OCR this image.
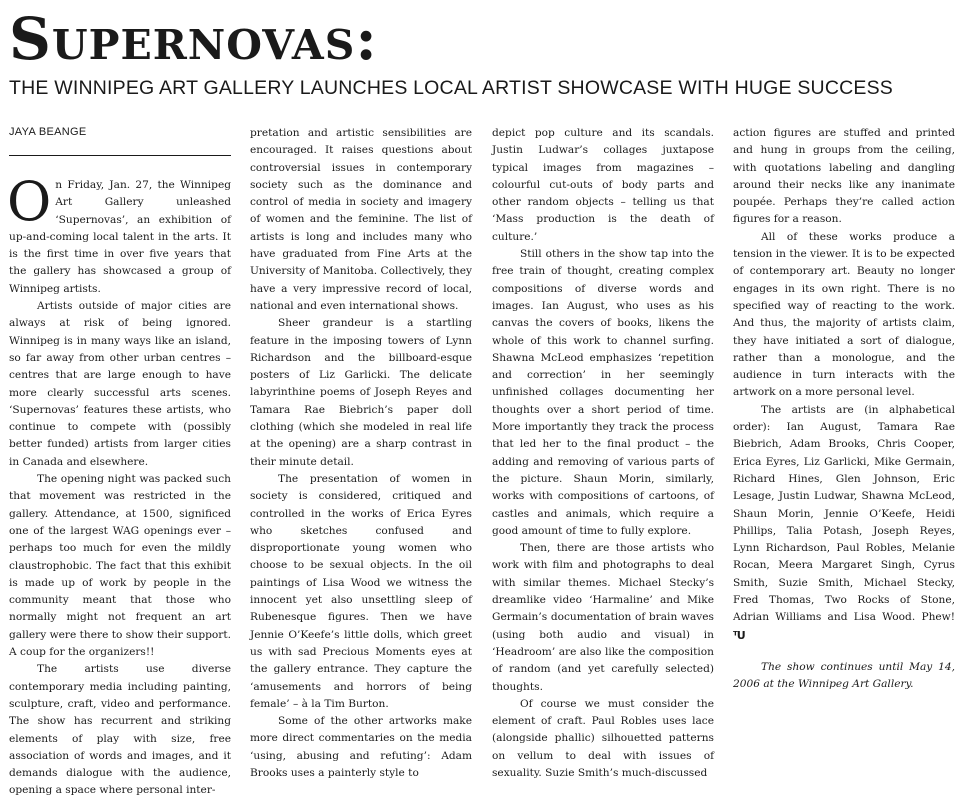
Supernovas:
THE WINNIPEG ART GALLERY LAUNCHES LOCAL ARTIST SHOWCASE WITH HUGE SUCCESS
JAYA BEANGE

On Friday, Jan. 27, the Winnipeg Art Gallery unleashed ‘Supernovas’, an exhibition of up-and-coming local talent in the arts. It is the first time in over five years that the gallery has showcased a group of Winnipeg artists.

Artists outside of major cities are always at risk of being ignored. Winnipeg is in many ways like an island, so far away from other urban centres – centres that are large enough to have more clearly successful arts scenes. ‘Supernovas’ features these artists, who continue to compete with (possibly better funded) artists from larger cities in Canada and elsewhere.

The opening night was packed such that movement was restricted in the gallery. Attendance, at 1500, significed one of the largest WAG openings ever – perhaps too much for even the mildly claustrophobic. The fact that this exhibit is made up of work by people in the community meant that those who normally might not frequent an art gallery were there to show their support. A coup for the organizers!!

The artists use diverse contemporary media including painting, sculpture, craft, video and performance. The show has recurrent and striking elements of play with size, free association of words and images, and it demands dialogue with the audience, opening a space where personal inter-

pretation and artistic sensibilities are encouraged. It raises questions about controversial issues in contemporary society such as the dominance and control of media in society and imagery of women and the feminine. The list of artists is long and includes many who have graduated from Fine Arts at the University of Manitoba. Collectively, they have a very impressive record of local, national and even international shows.

Sheer grandeur is a startling feature in the imposing towers of Lynn Richardson and the billboard-esque posters of Liz Garlicki. The delicate labyrinthine poems of Joseph Reyes and Tamara Rae Biebrich’s paper doll clothing (which she modeled in real life at the opening) are a sharp contrast in their minute detail.

The presentation of women in society is considered, critiqued and controlled in the works of Erica Eyres who sketches confused and disproportionate young women who choose to be sexual objects. In the oil paintings of Lisa Wood we witness the innocent yet also unsettling sleep of Rubenesque figures. Then we have Jennie O’Keefe’s little dolls, which greet us with sad Precious Moments eyes at the gallery entrance. They capture the ‘amusements and horrors of being female’ – à la Tim Burton.

Some of the other artworks make more direct commentaries on the media ‘using, abusing and refuting’: Adam Brooks uses a painterly style to

depict pop culture and its scandals. Justin Ludwar’s collages juxtapose typical images from magazines – colourful cut-outs of body parts and other random objects – telling us that ‘Mass production is the death of culture.’

Still others in the show tap into the free train of thought, creating complex compositions of diverse words and images. Ian August, who uses as his canvas the covers of books, likens the whole of this work to channel surfing. Shawna McLeod emphasizes ‘repetition and correction’ in her seemingly unfinished collages documenting her thoughts over a short period of time. More importantly they track the process that led her to the final product – the adding and removing of various parts of the picture. Shaun Morin, similarly, works with compositions of cartoons, of castles and animals, which require a good amount of time to fully explore.

Then, there are those artists who work with film and photographs to deal with similar themes. Michael Stecky’s dreamlike video ‘Harmaline’ and Mike Germain’s documentation of brain waves (using both audio and visual) in ‘Headroom’ are also like the composition of random (and yet carefully selected) thoughts.

Of course we must consider the element of craft. Paul Robles uses lace (alongside phallic) silhouetted patterns on vellum to deal with issues of sexuality. Suzie Smith’s much-discussed

action figures are stuffed and printed and hung in groups from the ceiling, with quotations labeling and dangling around their necks like any inanimate poupée. Perhaps they’re called action figures for a reason.

All of these works produce a tension in the viewer. It is to be expected of contemporary art. Beauty no longer engages in its own right. There is no specified way of reacting to the work. And thus, the majority of artists claim, they have initiated a sort of dialogue, rather than a monologue, and the audience in turn interacts with the artwork on a more personal level.

The artists are (in alphabetical order): Ian August, Tamara Rae Biebrich, Adam Brooks, Chris Cooper, Erica Eyres, Liz Garlicki, Mike Germain, Richard Hines, Glen Johnson, Eric Lesage, Justin Ludwar, Shawna McLeod, Shaun Morin, Jennie O’Keefe, Heidi Phillips, Talia Potash, Joseph Reyes, Lynn Richardson, Paul Robles, Melanie Rocan, Meera Margaret Singh, Cyrus Smith, Suzie Smith, Michael Stecky, Fred Thomas, Two Rocks of Stone, Adrian Williams and Lisa Wood. Phew! ᵀU

The show continues until May 14, 2006 at the Winnipeg Art Gallery.
